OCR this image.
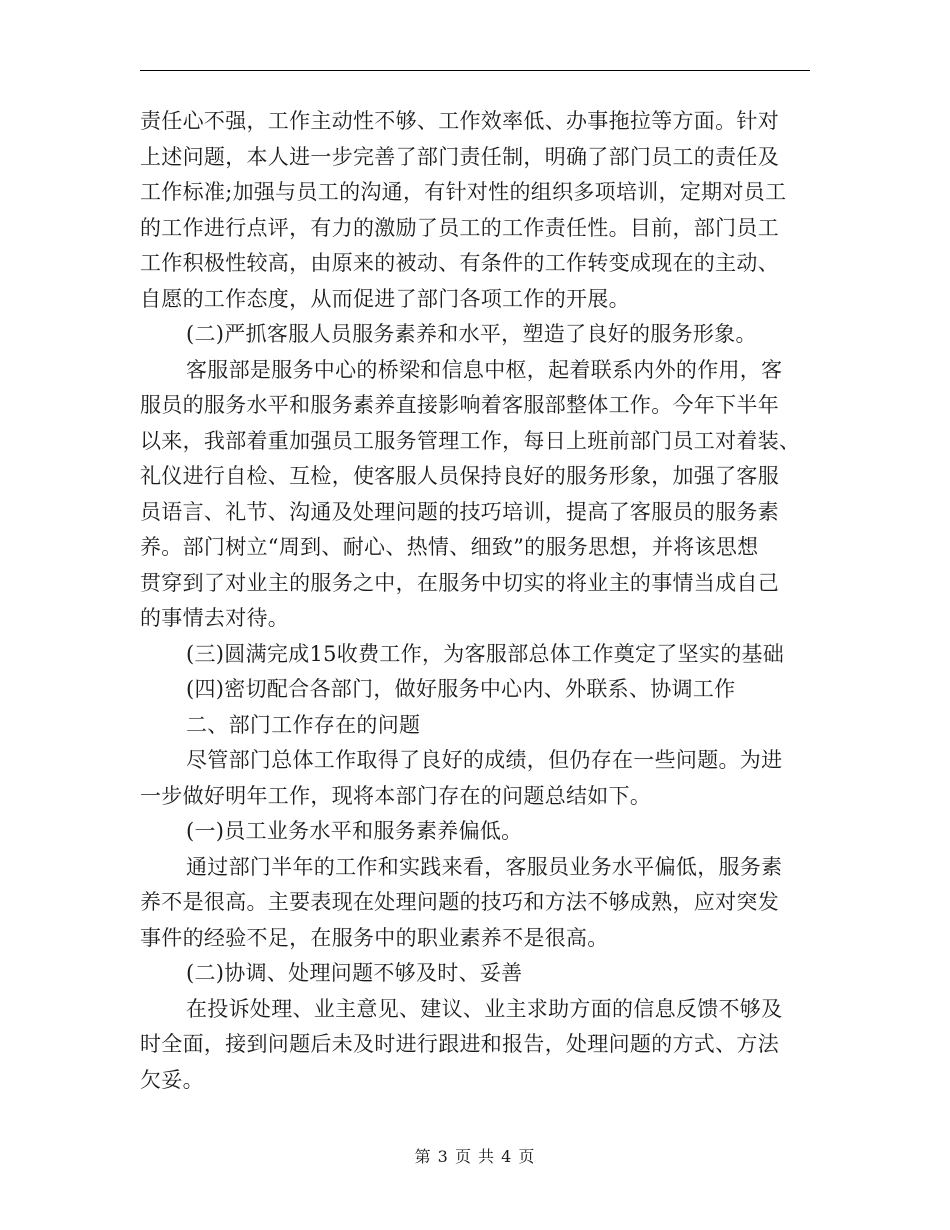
责任心不强，工作主动性不够、工作效率低、办事拖拉等方面。针对
上述问题，本人进一步完善了部门责任制，明确了部门员工的责任及
工作标准;加强与员工的沟通，有针对性的组织多项培训，定期对员工
的工作进行点评，有力的激励了员工的工作责任性。目前，部门员工
工作积极性较高，由原来的被动、有条件的工作转变成现在的主动、
自愿的工作态度，从而促进了部门各项工作的开展。
(二)严抓客服人员服务素养和水平，塑造了良好的服务形象。
客服部是服务中心的桥梁和信息中枢，起着联系内外的作用，客
服员的服务水平和服务素养直接影响着客服部整体工作。今年下半年
以来，我部着重加强员工服务管理工作，每日上班前部门员工对着装、
礼仪进行自检、互检，使客服人员保持良好的服务形象，加强了客服
员语言、礼节、沟通及处理问题的技巧培训，提高了客服员的服务素
养。部门树立“周到、耐心、热情、细致”的服务思想，并将该思想
贯穿到了对业主的服务之中，在服务中切实的将业主的事情当成自己
的事情去对待。
(三)圆满完成15收费工作，为客服部总体工作奠定了坚实的基础
(四)密切配合各部门，做好服务中心内、外联系、协调工作
二、部门工作存在的问题
尽管部门总体工作取得了良好的成绩，但仍存在一些问题。为进
一步做好明年工作，现将本部门存在的问题总结如下。
(一)员工业务水平和服务素养偏低。
通过部门半年的工作和实践来看，客服员业务水平偏低，服务素
养不是很高。主要表现在处理问题的技巧和方法不够成熟，应对突发
事件的经验不足，在服务中的职业素养不是很高。
(二)协调、处理问题不够及时、妥善
在投诉处理、业主意见、建议、业主求助方面的信息反馈不够及
时全面，接到问题后未及时进行跟进和报告，处理问题的方式、方法
欠妥。
第 3 页 共 4 页
